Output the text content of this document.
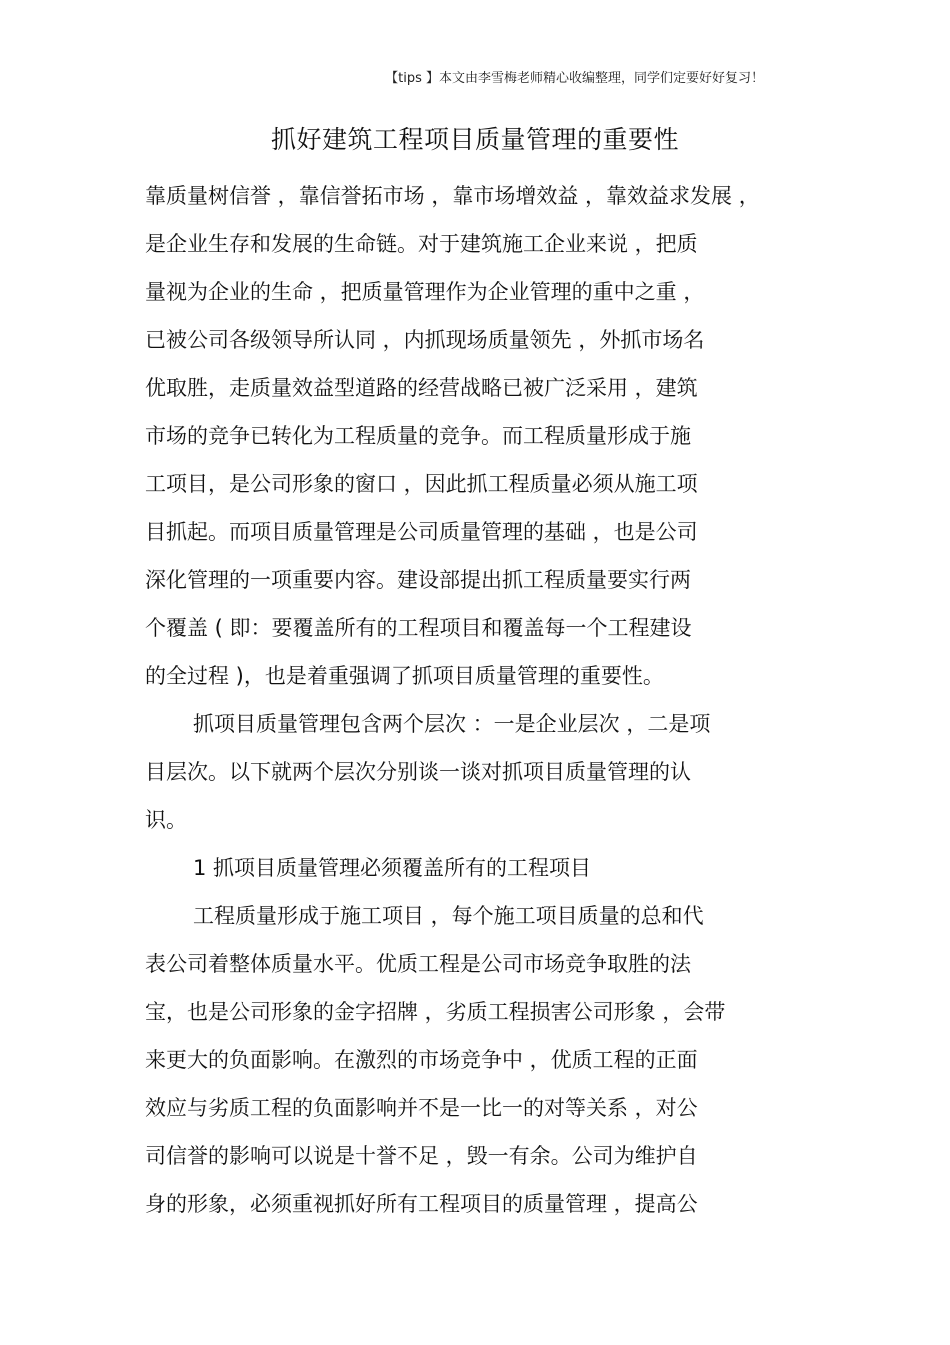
【tips 】本文由李雪梅老师精心收编整理，同学们定要好好复习！
抓好建筑工程项目质量管理的重要性
靠质量树信誉 ，靠信誉拓市场 ，靠市场增效益 ，靠效益求发展 ，
是企业生存和发展的生命链。对于建筑施工企业来说 ，把质
量视为企业的生命 ，把质量管理作为企业管理的重中之重 ，
已被公司各级领导所认同 ，内抓现场质量领先 ，外抓市场名
优取胜，走质量效益型道路的经营战略已被广泛采用 ，建筑
市场的竞争已转化为工程质量的竞争。而工程质量形成于施
工项目，是公司形象的窗口 ，因此抓工程质量必须从施工项
目抓起。而项目质量管理是公司质量管理的基础 ，也是公司
深化管理的一项重要内容。建设部提出抓工程质量要实行两
个覆盖 ( 即：要覆盖所有的工程项目和覆盖每一个工程建设
的全过程 )，也是着重强调了抓项目质量管理的重要性。
抓项目质量管理包含两个层次 ：一是企业层次 ，二是项
目层次。以下就两个层次分别谈一谈对抓项目质量管理的认
识。
1 抓项目质量管理必须覆盖所有的工程项目
工程质量形成于施工项目 ，每个施工项目质量的总和代
表公司着整体质量水平。优质工程是公司市场竞争取胜的法
宝，也是公司形象的金字招牌 ，劣质工程损害公司形象 ，会带
来更大的负面影响。在激烈的市场竞争中 ，优质工程的正面
效应与劣质工程的负面影响并不是一比一的对等关系 ，对公
司信誉的影响可以说是十誉不足 ，毁一有余。公司为维护自
身的形象，必须重视抓好所有工程项目的质量管理 ，提高公
